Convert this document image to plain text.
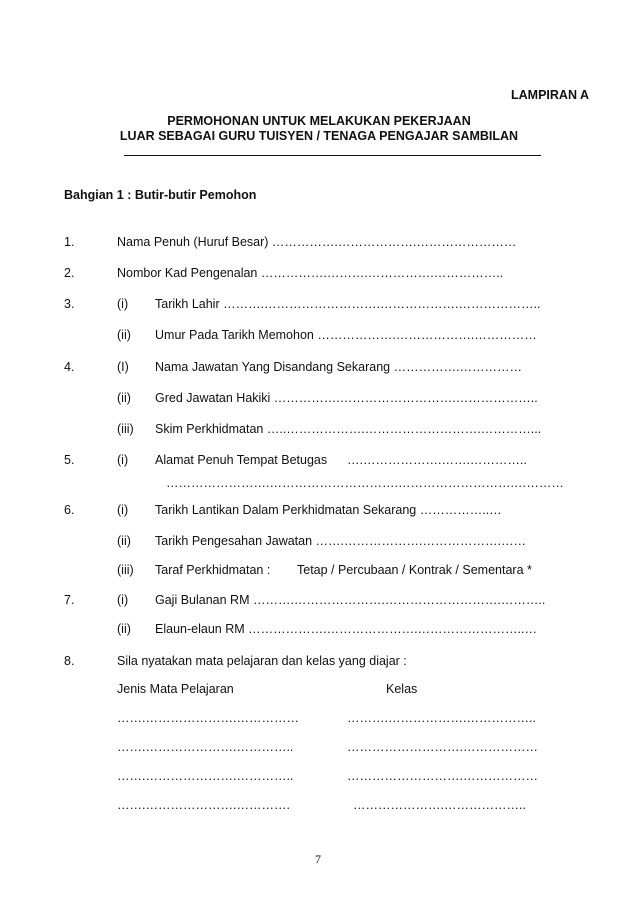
LAMPIRAN A
PERMOHONAN UNTUK MELAKUKAN PEKERJAAN
LUAR SEBAGAI GURU TUISYEN / TENAGA PENGAJAR SAMBILAN
Bahgian 1 : Butir-butir Pemohon
1.	Nama Penuh (Huruf Besar) …………….……………….……………………
2.	Nombor Kad Pengenalan …………….……….…………….……………..
3.	(i) Tarikh Lahir ……….……………………….……………….………………..
(ii) Umur Pada Tarikh Memohon ……………….……………….……………
4.	(I) Nama Jawatan Yang Disandang Sekarang …………….……………
(ii) Gred Jawatan Hakiki …………….……………………….………………..
(iii) Skim Perkhidmatan …..……………….……………………….…………...
5.	(i) Alamat Penuh Tempat Betugas ….……………….…….…………..
…………………….………………………….……………………….…………
6.	(i) Tarikh Lantikan Dalam Perkhidmatan Sekarang ……………..…
(ii) Tarikh Pengesahan Jawatan …….……………….……………….……
(iii) Taraf Perkhidmatan : Tetap / Percubaan / Kontrak / Sementara *
7.	(i) Gaji Bulanan RM ……….………………….……………………….………..
(ii) Elaun-elaun RM ……………….………………….……………………..…
8.	Sila nyatakan mata pelajaran dan kelas yang diajar :
Jenis Mata Pelajaran	Kelas
…….………………….……………	……….……………….……………..
…….………………….…………..	……………………….………………
…….………………….…………..	……………………….………………
…….………………….………….	………………….………………..
7
